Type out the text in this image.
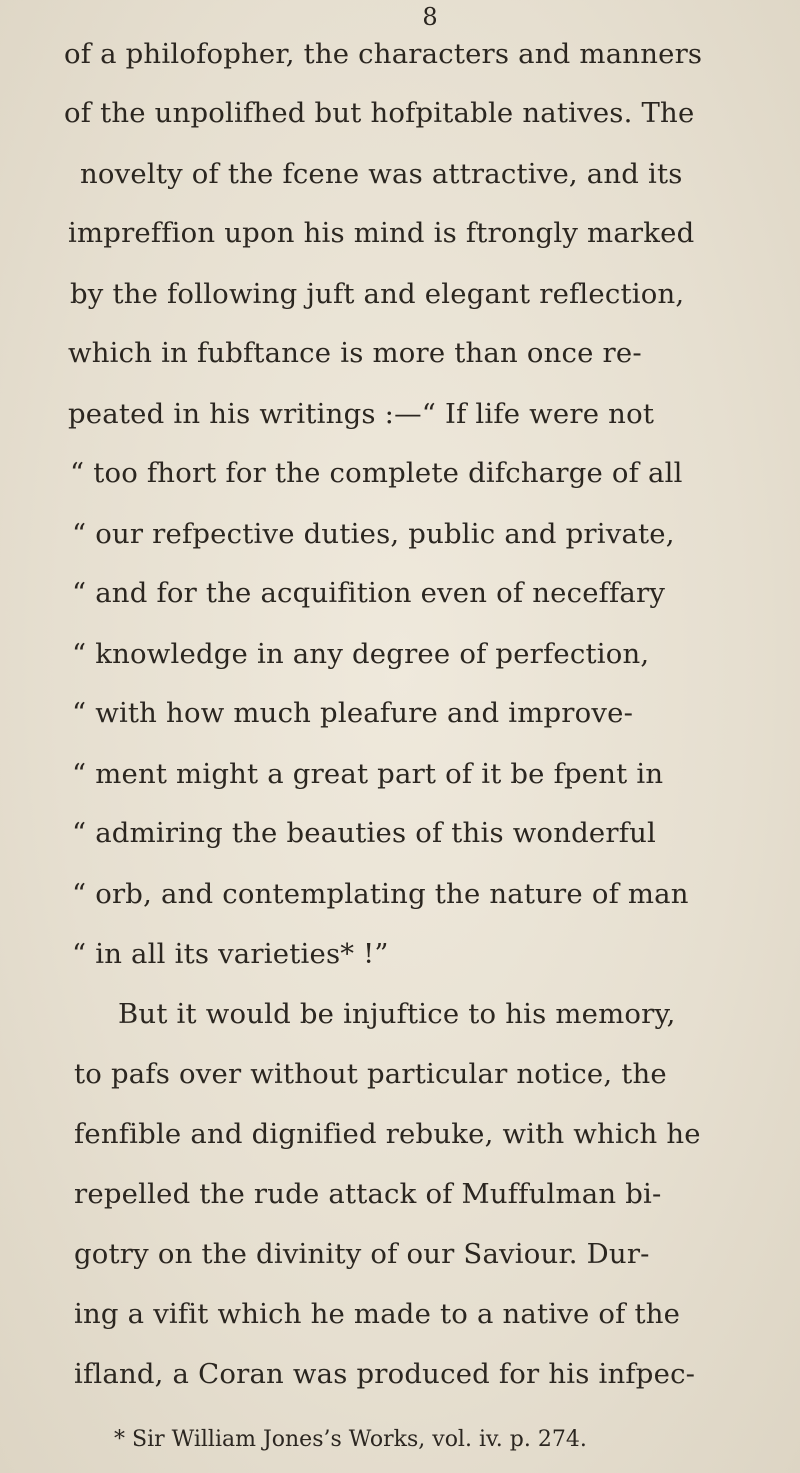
8
of a philofopher, the characters and manners
of the unpolifhed but hofpitable natives. The
novelty of the fcene was attractive, and its
impreffion upon his mind is ftrongly marked
by the following juft and elegant reflection,
which in fubftance is more than once re-
peated in his writings :—“ If life were not
“ too fhort for the complete difcharge of all
“ our refpective duties, public and private,
“ and for the acquifition even of neceffary
“ knowledge in any degree of perfection,
“ with how much pleafure and improve-
“ ment might a great part of it be fpent in
“ admiring the beauties of this wonderful
“ orb, and contemplating the nature of man
“ in all its varieties* !”
But it would be injuftice to his memory,
to pafs over without particular notice, the
fenfible and dignified rebuke, with which he
repelled the rude attack of Muffulman bi-
gotry on the divinity of our Saviour. Dur-
ing a vifit which he made to a native of the
ifland, a Coran was produced for his infpec-
* Sir William Jones’s Works, vol. iv. p. 274.
